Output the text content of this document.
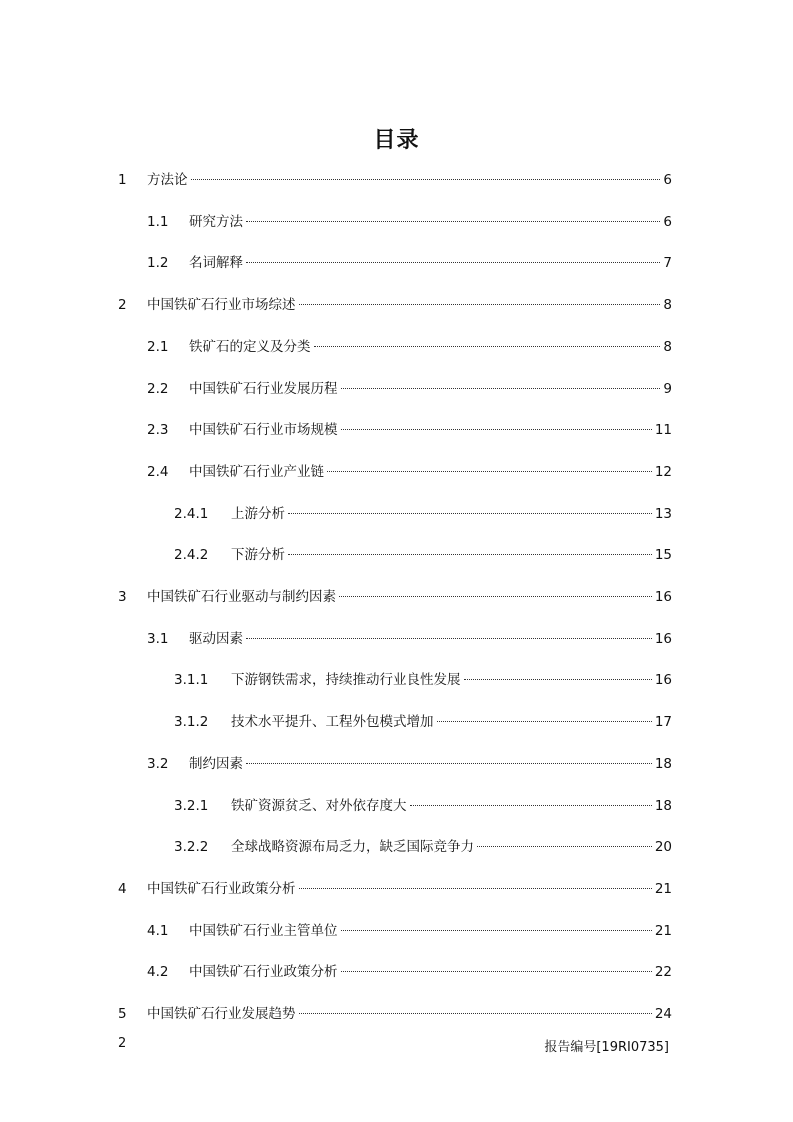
目录
1	方法论	6
1.1	研究方法	6
1.2	名词解释	7
2	中国铁矿石行业市场综述	8
2.1	铁矿石的定义及分类	8
2.2	中国铁矿石行业发展历程	9
2.3	中国铁矿石行业市场规模	11
2.4	中国铁矿石行业产业链	12
2.4.1	上游分析	13
2.4.2	下游分析	15
3	中国铁矿石行业驱动与制约因素	16
3.1	驱动因素	16
3.1.1	下游钢铁需求，持续推动行业良性发展	16
3.1.2	技术水平提升、工程外包模式增加	17
3.2	制约因素	18
3.2.1	铁矿资源贫乏、对外依存度大	18
3.2.2	全球战略资源布局乏力，缺乏国际竞争力	20
4	中国铁矿石行业政策分析	21
4.1	中国铁矿石行业主管单位	21
4.2	中国铁矿石行业政策分析	22
5	中国铁矿石行业发展趋势	24
2	报告编号[19RI0735]
